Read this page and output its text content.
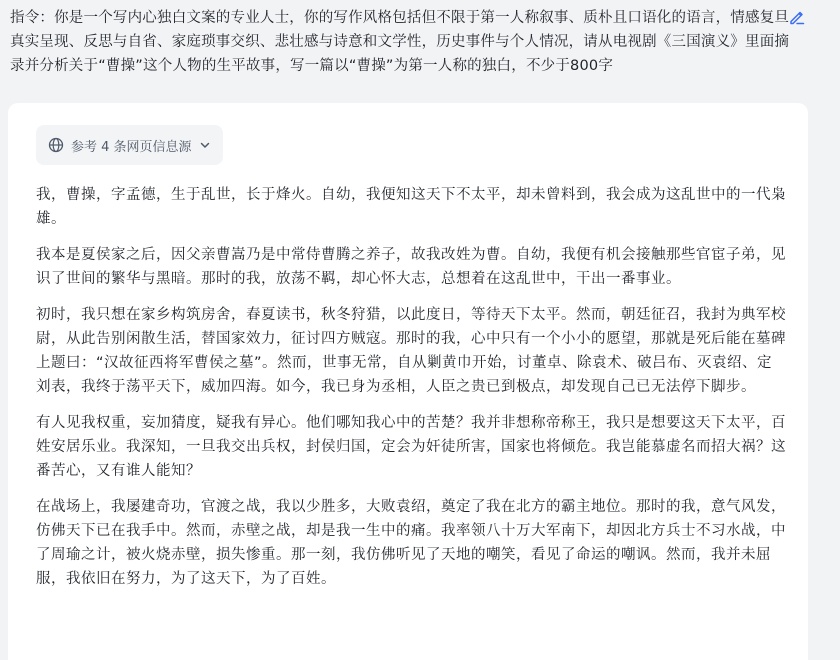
指令：你是一个写内心独白文案的专业人士，你的写作风格包括但不限于第一人称叙事、质朴且口语化的语言，情感复旦真实呈现、反思与自省、家庭琐事交织、悲壮感与诗意和文学性，历史事件与个人情况，请从电视剧《三国演义》里面摘录并分析关于“曹操”这个人物的生平故事，写一篇以“曹操”为第一人称的独白，不少于800字
参考 4 条网页信息源

我，曹操，字孟德，生于乱世，长于烽火。自幼，我便知这天下不太平，却未曾料到，我会成为这乱世中的一代枭雄。

我本是夏侯家之后，因父亲曹嵩乃是中常侍曹腾之养子，故我改姓为曹。自幼，我便有机会接触那些官宦子弟，见识了世间的繁华与黑暗。那时的我，放荡不羁，却心怀大志，总想着在这乱世中，干出一番事业。

初时，我只想在家乡构筑房舍，春夏读书，秋冬狩猎，以此度日，等待天下太平。然而，朝廷征召，我封为典军校尉，从此告别闲散生活，替国家效力，征讨四方贼寇。那时的我，心中只有一个小小的愿望，那就是死后能在墓碑上题曰：“汉故征西将军曹侯之墓”。然而，世事无常，自从剿黄巾开始，讨董卓、除袁术、破吕布、灭袁绍、定刘表，我终于荡平天下，威加四海。如今，我已身为丞相，人臣之贵已到极点，却发现自己已无法停下脚步。

有人见我权重，妄加猜度，疑我有异心。他们哪知我心中的苦楚？我并非想称帝称王，我只是想要这天下太平，百姓安居乐业。我深知，一旦我交出兵权，封侯归国，定会为奸徒所害，国家也将倾危。我岂能慕虚名而招大祸？这番苦心，又有谁人能知？

在战场上，我屡建奇功，官渡之战，我以少胜多，大败袁绍，奠定了我在北方的霸主地位。那时的我，意气风发，仿佛天下已在我手中。然而，赤壁之战，却是我一生中的痛。我率领八十万大军南下，却因北方兵士不习水战，中了周瑜之计，被火烧赤壁，损失惨重。那一刻，我仿佛听见了天地的嘲笑，看见了命运的嘲讽。然而，我并未屈服，我依旧在努力，为了这天下，为了百姓。
